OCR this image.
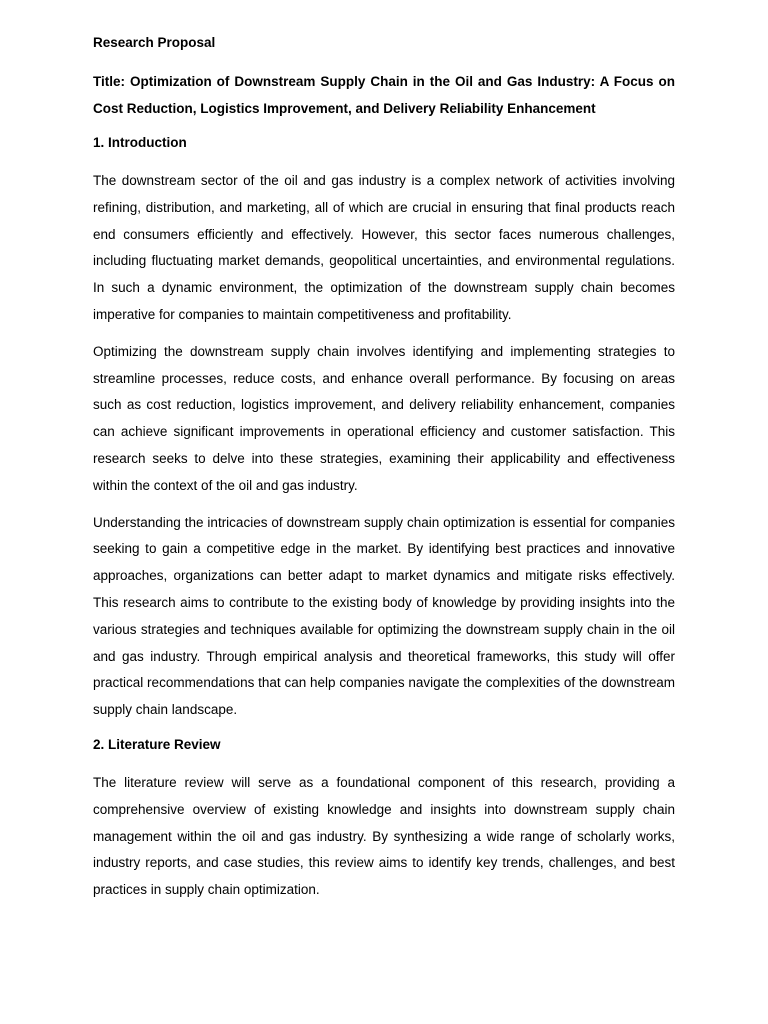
Research Proposal
Title: Optimization of Downstream Supply Chain in the Oil and Gas Industry: A Focus on Cost Reduction, Logistics Improvement, and Delivery Reliability Enhancement
1. Introduction

The downstream sector of the oil and gas industry is a complex network of activities involving refining, distribution, and marketing, all of which are crucial in ensuring that final products reach end consumers efficiently and effectively. However, this sector faces numerous challenges, including fluctuating market demands, geopolitical uncertainties, and environmental regulations. In such a dynamic environment, the optimization of the downstream supply chain becomes imperative for companies to maintain competitiveness and profitability.

Optimizing the downstream supply chain involves identifying and implementing strategies to streamline processes, reduce costs, and enhance overall performance. By focusing on areas such as cost reduction, logistics improvement, and delivery reliability enhancement, companies can achieve significant improvements in operational efficiency and customer satisfaction. This research seeks to delve into these strategies, examining their applicability and effectiveness within the context of the oil and gas industry.

Understanding the intricacies of downstream supply chain optimization is essential for companies seeking to gain a competitive edge in the market. By identifying best practices and innovative approaches, organizations can better adapt to market dynamics and mitigate risks effectively. This research aims to contribute to the existing body of knowledge by providing insights into the various strategies and techniques available for optimizing the downstream supply chain in the oil and gas industry. Through empirical analysis and theoretical frameworks, this study will offer practical recommendations that can help companies navigate the complexities of the downstream supply chain landscape.

2. Literature Review

The literature review will serve as a foundational component of this research, providing a comprehensive overview of existing knowledge and insights into downstream supply chain management within the oil and gas industry. By synthesizing a wide range of scholarly works, industry reports, and case studies, this review aims to identify key trends, challenges, and best practices in supply chain optimization.
